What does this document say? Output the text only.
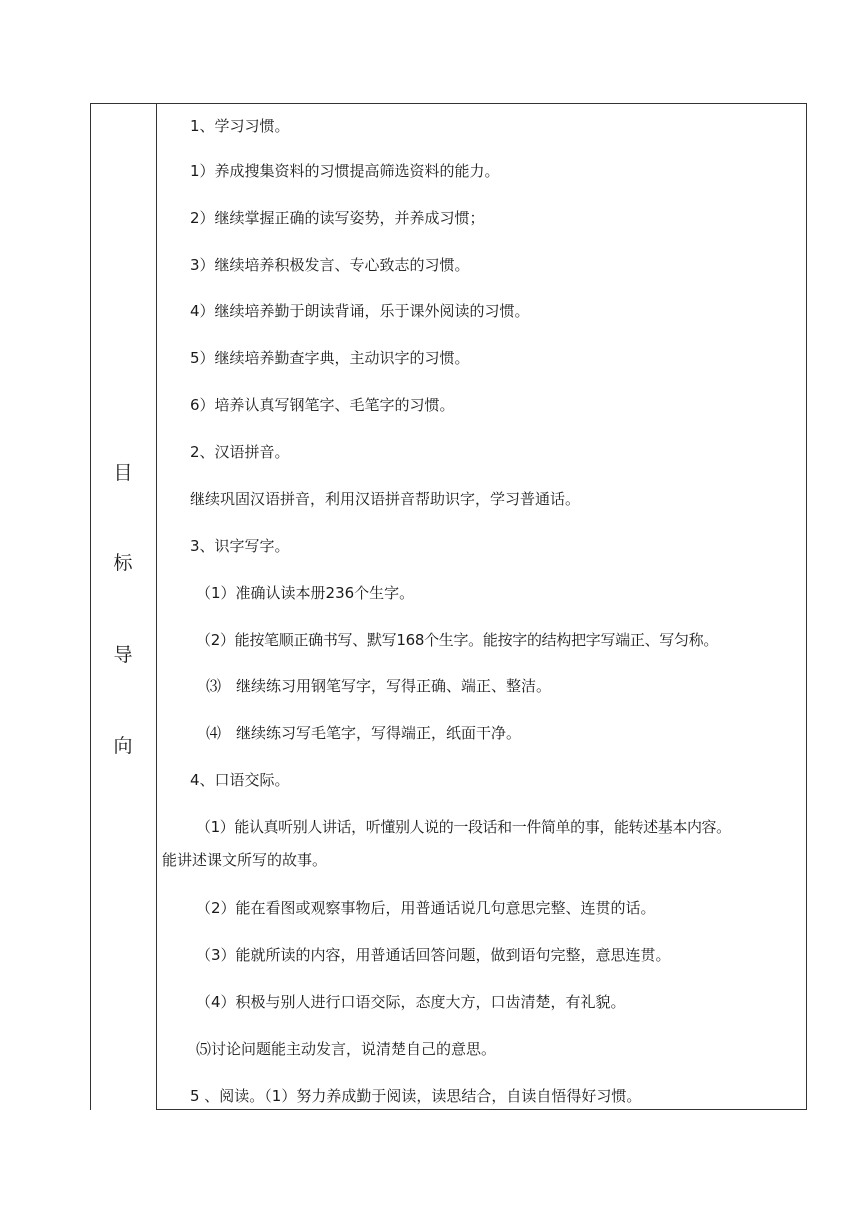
目
标
导
向
1、学习习惯。
1）养成搜集资料的习惯提高筛选资料的能力。
2）继续掌握正确的读写姿势，并养成习惯；
3）继续培养积极发言、专心致志的习惯。
4）继续培养勤于朗读背诵，乐于课外阅读的习惯。
5）继续培养勤查字典，主动识字的习惯。
6）培养认真写钢笔字、毛笔字的习惯。
2、汉语拼音。
继续巩固汉语拼音，利用汉语拼音帮助识字，学习普通话。
3、识字写字。
（1）准确认读本册236个生字。
（2）能按笔顺正确书写、默写168个生字。能按字的结构把字写端正、写匀称。
⑶　继续练习用钢笔写字，写得正确、端正、整洁。
⑷　继续练习写毛笔字，写得端正，纸面干净。
4、口语交际。
（1）能认真听别人讲话，听懂别人说的一段话和一件简单的事，能转述基本内容。
能讲述课文所写的故事。
（2）能在看图或观察事物后，用普通话说几句意思完整、连贯的话。
（3）能就所读的内容，用普通话回答问题，做到语句完整，意思连贯。
（4）积极与别人进行口语交际，态度大方，口齿清楚，有礼貌。
⑸讨论问题能主动发言，说清楚自己的意思。
5 、阅读。（1）努力养成勤于阅读，读思结合，自读自悟得好习惯。
